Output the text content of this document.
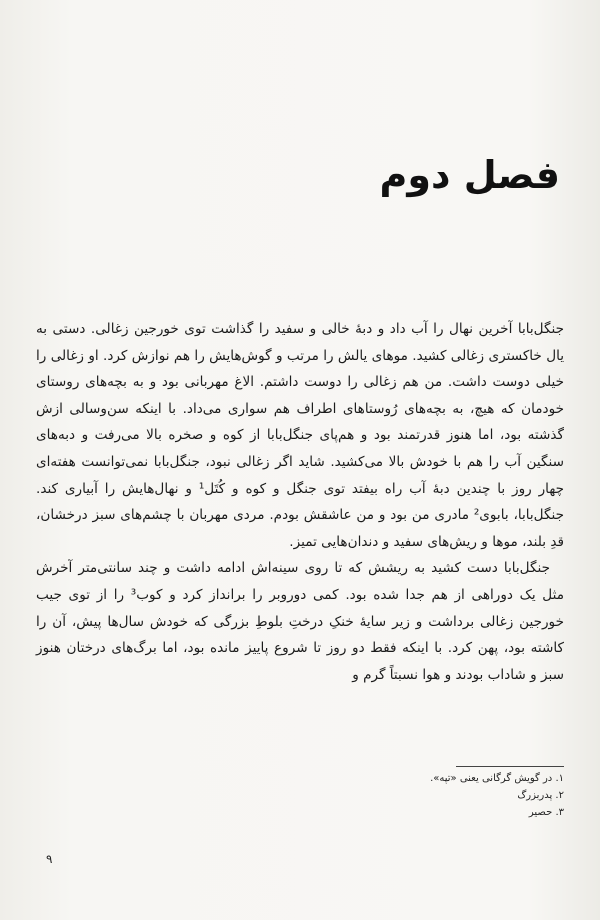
فصل دوم

جنگل‌بابا آخرین نهال را آب داد و دبهٔ خالی و سفید را گذاشت توی خورجین زغالی. دستی به یال خاکستری زغالی کشید. موهای یالش را مرتب و گوش‌هایش را هم نوازش کرد. او زغالی را خیلی دوست داشت. من هم زغالی را دوست داشتم. الاغ مهربانی بود و به بچه‌های روستای خودمان که هیچ، به بچه‌های رُوستاهای اطراف هم سواری می‌داد. با اینکه سن‌وسالی ازش گذشته بود، اما هنوز قدرتمند بود و هم‌پای جنگل‌بابا از کوه و صخره بالا می‌رفت و دبه‌های سنگین آب را هم با خودش بالا می‌کشید. شاید اگر زغالی نبود، جنگل‌بابا نمی‌توانست هفته‌ای چهار روز با چندین دبهٔ آب راه بیفتد توی جنگل و کوه و کُتَل¹ و نهال‌هایش را آبیاری کند. جنگل‌بابا، بابوی² مادری من بود و من عاشقش بودم. مردی مهربان با چشم‌های سبز درخشان، قدِ بلند، موها و ریش‌های سفید و دندان‌هایی تمیز.

جنگل‌بابا دست کشید به ریشش که تا روی سینه‌اش ادامه داشت و چند سانتی‌متر آخرش مثل یک دوراهی از هم جدا شده بود. کمی دوروبر را برانداز کرد و کوب³ را از توی جیب خورجین زغالی برداشت و زیر سایهٔ خنکِ درختِ بلوطِ بزرگی که خودش سال‌ها پیش، آن را کاشته بود، پهن کرد. با اینکه فقط دو روز تا شروع پاییز مانده بود، اما برگ‌های درختان هنوز سبز و شاداب بودند و هوا نسبتاً گرم و

۱. در گویش گرگانی یعنی «تپه».
۲. پدربزرگ
۳. حصیر
۹
